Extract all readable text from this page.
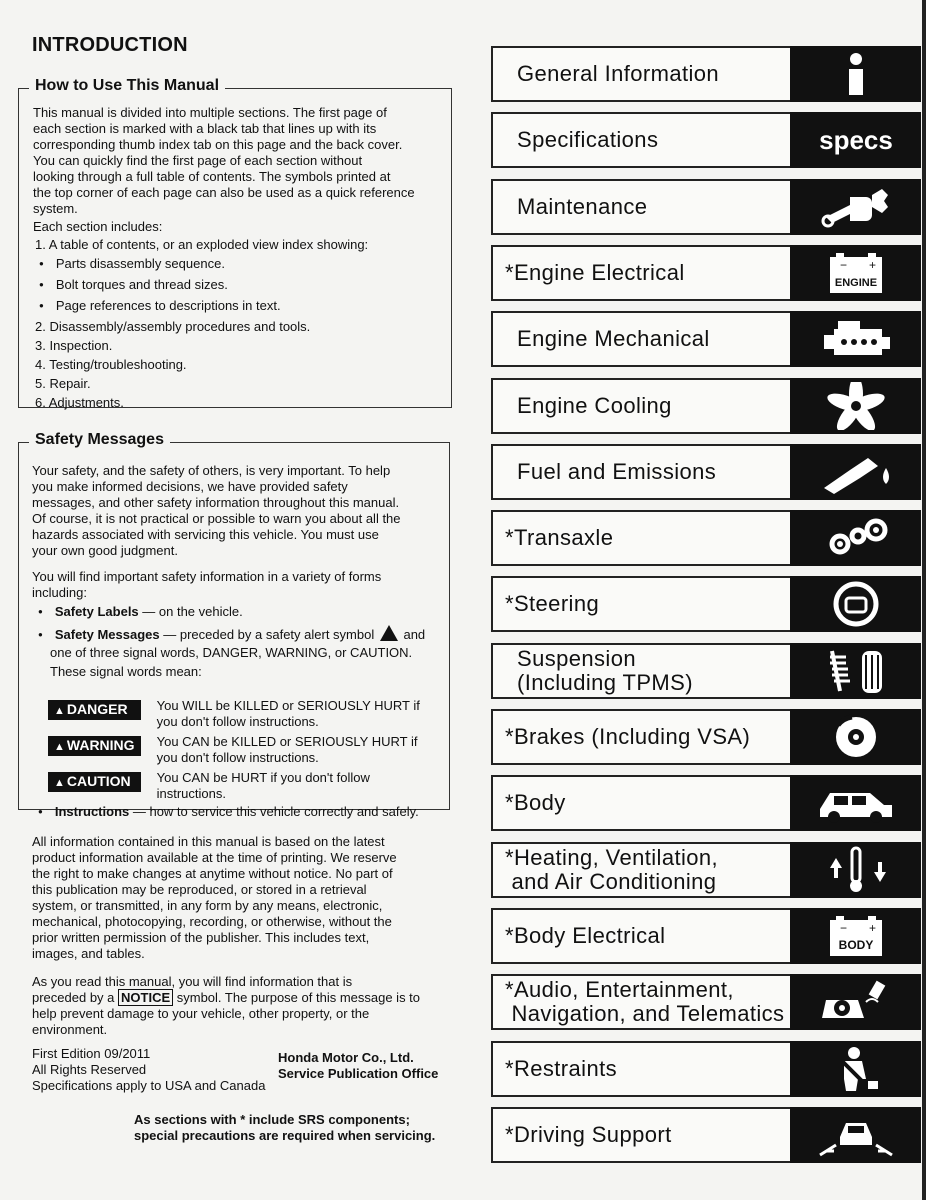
INTRODUCTION
How to Use This Manual
This manual is divided into multiple sections. The first page of
each section is marked with a black tab that lines up with its
corresponding thumb index tab on this page and the back cover.
You can quickly find the first page of each section without
looking through a full table of contents. The symbols printed at
the top corner of each page can also be used as a quick reference
system.
Each section includes:
1. A table of contents, or an exploded view index showing:
● Parts disassembly sequence.
● Bolt torques and thread sizes.
● Page references to descriptions in text.
2. Disassembly/assembly procedures and tools.
3. Inspection.
4. Testing/troubleshooting.
5. Repair.
6. Adjustments.
Safety Messages
Your safety, and the safety of others, is very important. To help
you make informed decisions, we have provided safety
messages, and other safety information throughout this manual.
Of course, it is not practical or possible to warn you about all the
hazards associated with servicing this vehicle. You must use
your own good judgment.
You will find important safety information in a variety of forms
including:
● Safety Labels — on the vehicle.
● Safety Messages — preceded by a safety alert symbol  and
one of three signal words, DANGER, WARNING, or CAUTION.
These signal words mean:
▲ DANGER	You WILL be KILLED or SERIOUSLY HURT if
you don't follow instructions.
▲ WARNING	You CAN be KILLED or SERIOUSLY HURT if
you don't follow instructions.
▲ CAUTION	You CAN be HURT if you don't follow
instructions.
● Instructions — how to service this vehicle correctly and safely.
All information contained in this manual is based on the latest
product information available at the time of printing. We reserve
the right to make changes at anytime without notice. No part of
this publication may be reproduced, or stored in a retrieval
system, or transmitted, in any form by any means, electronic,
mechanical, photocopying, recording, or otherwise, without the
prior written permission of the publisher. This includes text,
images, and tables.
As you read this manual, you will find information that is
preceded by a NOTICE symbol. The purpose of this message is to
help prevent damage to your vehicle, other property, or the
environment.
First Edition 09/2011
All Rights Reserved
Specifications apply to USA and Canada
Honda Motor Co., Ltd.
Service Publication Office
As sections with * include SRS components;
special precautions are required when servicing.
General Information
Specifications	specs
Maintenance
*Engine Electrical	− +
ENGINE
Engine Mechanical
Engine Cooling
Fuel and Emissions
*Transaxle
*Steering
Suspension
(Including TPMS)
*Brakes (Including VSA)
*Body
*Heating, Ventilation,
and Air Conditioning
*Body Electrical	− +
BODY
*Audio, Entertainment,
Navigation, and Telematics
*Restraints
*Driving Support
